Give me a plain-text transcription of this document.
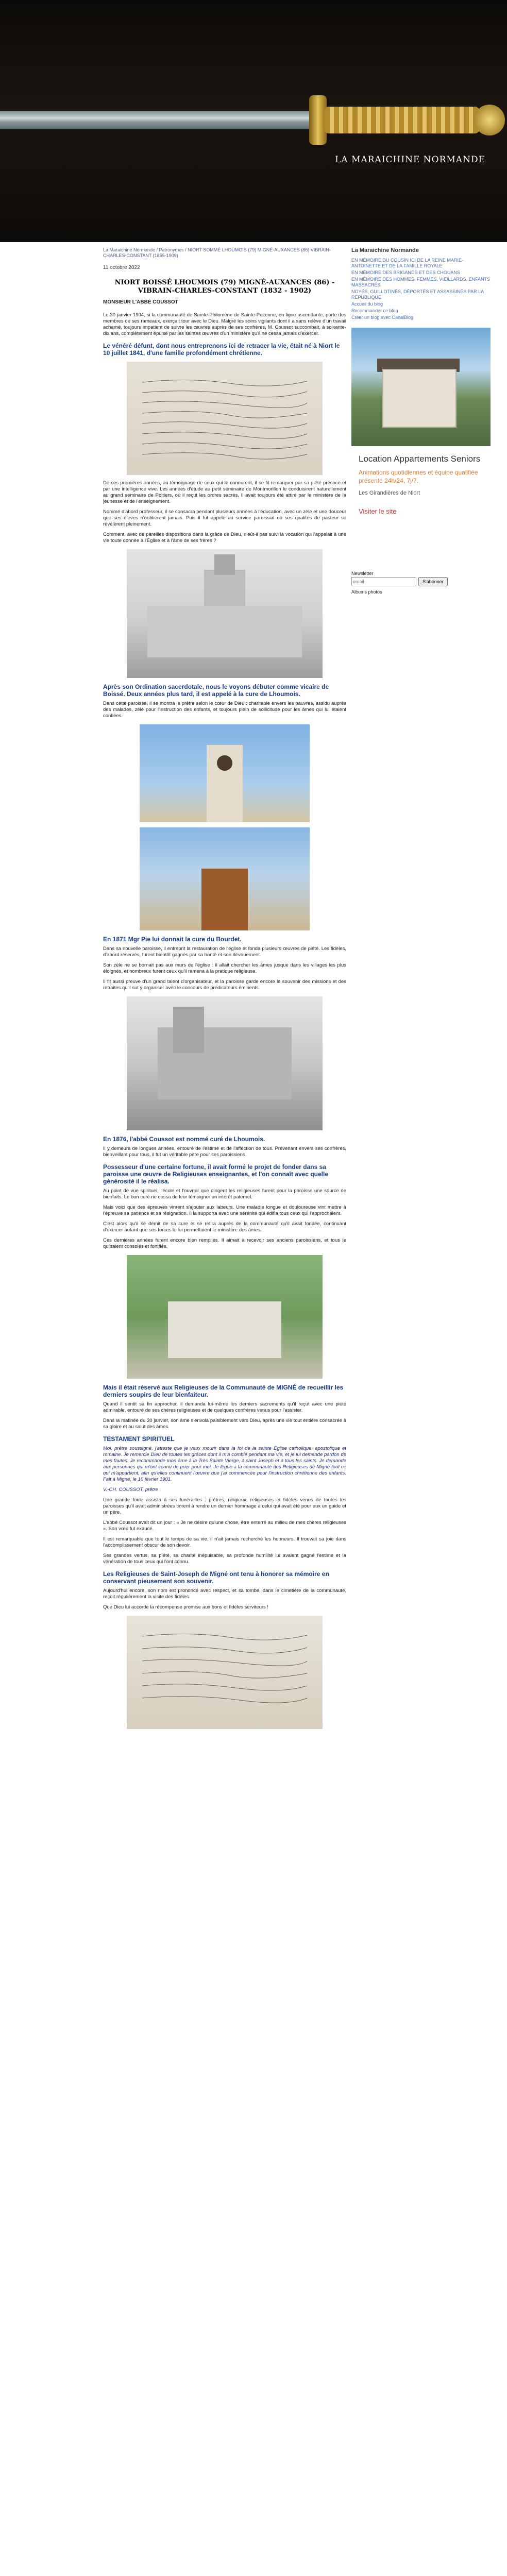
LA MARAICHINE NORMANDE
La Maraichine Normande / Patronymes / NIORT SOMMÉ LHOUMOIS (79) MIGNÉ-AUXANCES (86) VIBRAIN-CHARLES-CONSTANT (1855-1909)
11 octobre 2022
NIORT BOISSÉ LHOUMOIS (79) MIGNÉ-AUXANCES (86) - VIBRAIN-CHARLES-CONSTANT (1832 - 1902)
MONSIEUR L'ABBÉ COUSSOT

Le 30 janvier 1904, si la communauté de Sainte-Philomène de Sainte-Pezenne, en ligne ascendante, porte des membres de ses rameaux, exerçait tour avec le Dieu. Malgré les soins vigilants dont il a sans relève d'un travail acharné, toujours impatient de suivre les œuvres auprès de ses confrères, M. Coussot succombait, à soixante-dix ans, complètement épuisé par les saintes œuvres d'un ministère qu'il ne cessa jamais d'exercer.

Le vénéré défunt, dont nous entreprenons ici de retracer la vie, était né à Niort le 10 juillet 1841, d'une famille profondément chrétienne.

De ces premières années, au témoignage de ceux qui le connurent, il se fit remarquer par sa piété précoce et par une intelligence vive. Les années d'étude au petit séminaire de Montmorillon le conduisirent naturellement au grand séminaire de Poitiers, où il reçut les ordres sacrés. Il avait toujours été attiré par le ministère de la jeunesse et de l'enseignement.

Nommé d'abord professeur, il se consacra pendant plusieurs années à l'éducation, avec un zèle et une douceur que ses élèves n'oublièrent jamais. Puis il fut appelé au service paroissial où ses qualités de pasteur se révélèrent pleinement.

Comment, avec de pareilles dispositions dans la grâce de Dieu, n'eût-il pas suivi la vocation qui l'appelait à une vie toute donnée à l'Église et à l'âme de ses frères ?

Après son Ordination sacerdotale, nous le voyons débuter comme vicaire de Boissé. Deux années plus tard, il est appelé à la cure de Lhoumois.

Dans cette paroisse, il se montra le prêtre selon le cœur de Dieu : charitable envers les pauvres, assidu auprès des malades, zélé pour l'instruction des enfants, et toujours plein de sollicitude pour les âmes qui lui étaient confiées.

En 1871 Mgr Pie lui donnait la cure du Bourdet.

Dans sa nouvelle paroisse, il entreprit la restauration de l'église et fonda plusieurs œuvres de piété. Les fidèles, d'abord réservés, furent bientôt gagnés par sa bonté et son dévouement.

Son zèle ne se bornait pas aux murs de l'église : il allait chercher les âmes jusque dans les villages les plus éloignés, et nombreux furent ceux qu'il ramena à la pratique religieuse.

Il fit aussi preuve d'un grand talent d'organisateur, et la paroisse garde encore le souvenir des missions et des retraites qu'il sut y organiser avec le concours de prédicateurs éminents.

En 1876, l'abbé Coussot est nommé curé de Lhoumois.

Il y demeura de longues années, entouré de l'estime et de l'affection de tous. Prévenant envers ses confrères, bienveillant pour tous, il fut un véritable père pour ses paroissiens.

Possesseur d'une certaine fortune, il avait formé le projet de fonder dans sa paroisse une œuvre de Religieuses enseignantes, et l'on connaît avec quelle générosité il le réalisa.

Au point de vue spirituel, l'école et l'ouvroir que dirigent les religieuses furent pour la paroisse une source de bienfaits. Le bon curé ne cessa de leur témoigner un intérêt paternel.

Mais voici que des épreuves vinrent s'ajouter aux labeurs. Une maladie longue et douloureuse vint mettre à l'épreuve sa patience et sa résignation. Il la supporta avec une sérénité qui édifia tous ceux qui l'approchaient.

C'est alors qu'il se démit de sa cure et se retira auprès de la communauté qu'il avait fondée, continuant d'exercer autant que ses forces le lui permettaient le ministère des âmes.

Ces dernières années furent encore bien remplies. Il aimait à recevoir ses anciens paroissiens, et tous le quittaient consolés et fortifiés.

Mais il était réservé aux Religieuses de la Communauté de MIGNÉ de recueillir les derniers soupirs de leur bienfaiteur.

Quand il sentit sa fin approcher, il demanda lui-même les derniers sacrements qu'il reçut avec une piété admirable, entouré de ses chères religieuses et de quelques confrères venus pour l'assister.

Dans la matinée du 30 janvier, son âme s'envola paisiblement vers Dieu, après une vie tout entière consacrée à sa gloire et au salut des âmes.

TESTAMENT SPIRITUEL

Moi, prêtre soussigné, j'atteste que je veux mourir dans la foi de la sainte Église catholique, apostolique et romaine. Je remercie Dieu de toutes les grâces dont il m'a comblé pendant ma vie, et je lui demande pardon de mes fautes. Je recommande mon âme à la Très Sainte Vierge, à saint Joseph et à tous les saints. Je demande aux personnes qui m'ont connu de prier pour moi. Je lègue à la communauté des Religieuses de Migné tout ce qui m'appartient, afin qu'elles continuent l'œuvre que j'ai commencée pour l'instruction chrétienne des enfants. Fait à Migné, le 10 février 1901.

V.-CH. COUSSOT, prêtre

Une grande foule assista à ses funérailles : prêtres, religieux, religieuses et fidèles venus de toutes les paroisses qu'il avait administrées tinrent à rendre un dernier hommage à celui qui avait été pour eux un guide et un père.

L'abbé Coussot avait dit un jour : « Je ne désire qu'une chose, être enterré au milieu de mes chères religieuses ». Son vœu fut exaucé.

Il est remarquable que tout le temps de sa vie, il n'ait jamais recherché les honneurs. Il trouvait sa joie dans l'accomplissement obscur de son devoir.

Ses grandes vertus, sa piété, sa charité inépuisable, sa profonde humilité lui avaient gagné l'estime et la vénération de tous ceux qui l'ont connu.

Les Religieuses de Saint-Joseph de Migné ont tenu à honorer sa mémoire en conservant pieusement son souvenir.

Aujourd'hui encore, son nom est prononcé avec respect, et sa tombe, dans le cimetière de la communauté, reçoit régulièrement la visite des fidèles.

Que Dieu lui accorde la récompense promise aux bons et fidèles serviteurs !

La Maraichine Normande
EN MÉMOIRE DU COUSIN ICI DE LA REINE MARIE-ANTOINETTE ET DE LA FAMILLE ROYALE
EN MÉMOIRE DES BRIGANDS ET DES CHOUANS
EN MÉMOIRE DES HOMMES, FEMMES, VIEILLARDS, ENFANTS MASSACRÉS
NOYÉS, GUILLOTINÉS, DÉPORTÉS ET ASSASSINÉS PAR LA RÉPUBLIQUE
Accueil du blog
Recommander ce blog
Créer un blog avec CanalBlog
Location Appartements Seniors
Animations quotidiennes et équipe qualifiée présente 24h/24, 7j/7.
Les Girandières de Niort
Visiter le site
Newsletter
email
S'abonner
Albums photos
